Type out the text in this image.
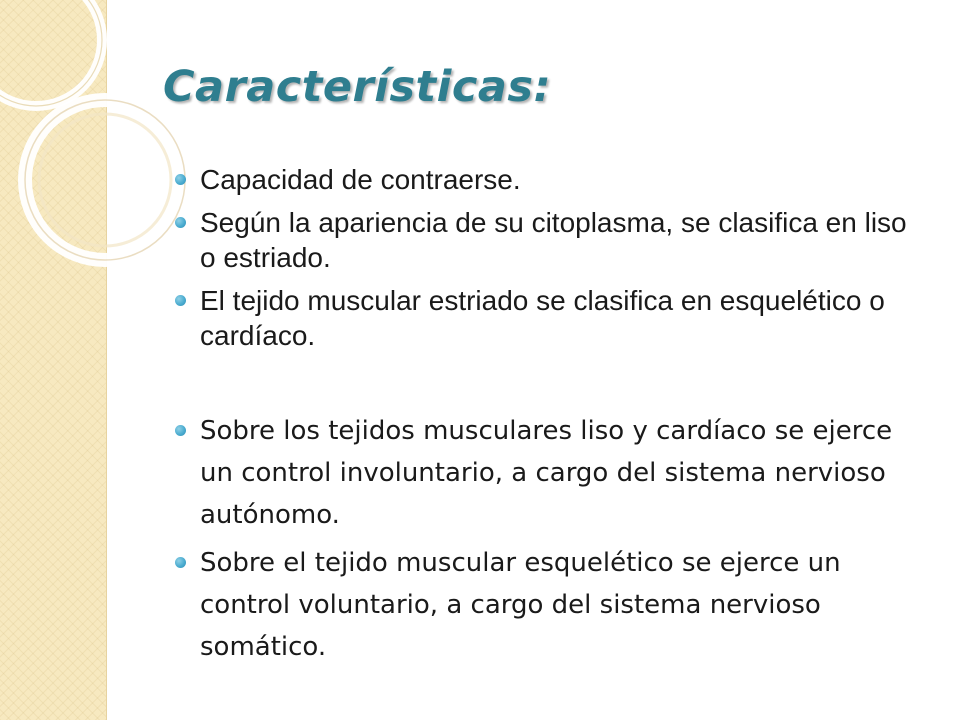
Características:
Capacidad de contraerse.
Según la apariencia de su citoplasma, se clasifica en liso o estriado.
El tejido muscular estriado se clasifica en esquelético o cardíaco.
Sobre los tejidos musculares liso y cardíaco se ejerce un control involuntario, a cargo del sistema nervioso autónomo.
Sobre el tejido muscular esquelético se ejerce un control voluntario, a cargo del sistema nervioso somático.
